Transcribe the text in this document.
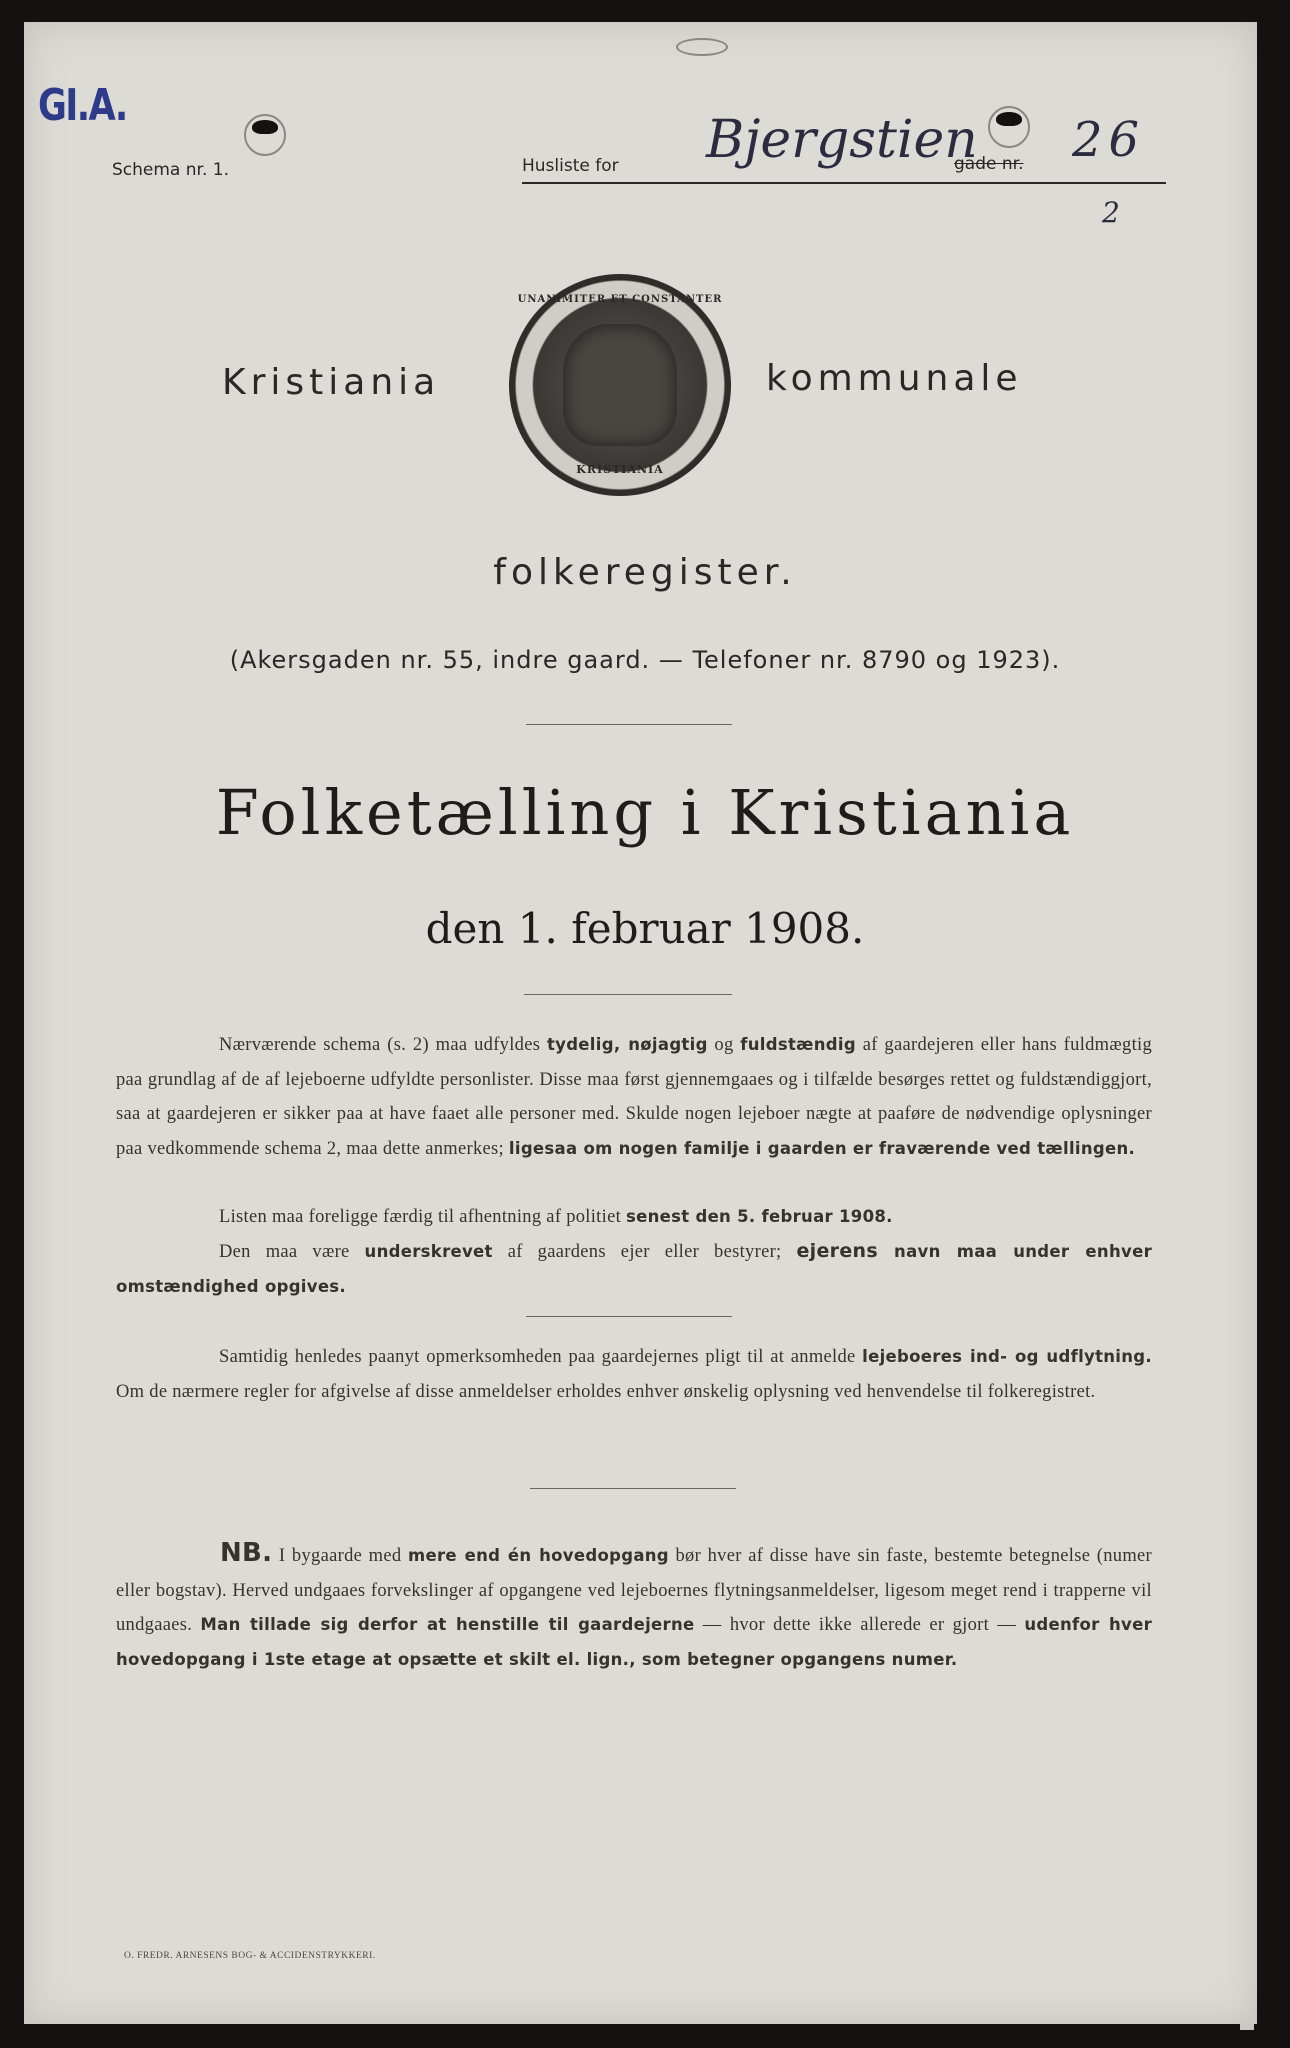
GI.A.
Schema nr. 1.	Husliste for Bjergstien
gade nr. 26
2
Kristiania
UNANIMITER ET CONSTANTER
KRISTIANIA
kommunale
folkeregister.
(Akersgaden nr. 55, indre gaard. — Telefoner nr. 8790 og 1923).
Folketælling i Kristiania
den 1. februar 1908.
Nærværende schema (s. 2) maa udfyldes tydelig, nøjagtig og fuldstændig af gaardejeren eller hans fuldmægtig paa grundlag af de af lejeboerne udfyldte personlister. Disse maa først gjennemgaaes og i tilfælde besørges rettet og fuldstændiggjort, saa at gaardejeren er sikker paa at have faaet alle personer med. Skulde nogen lejeboer nægte at paaføre de nødvendige oplysninger paa vedkommende schema 2, maa dette anmerkes; ligesaa om nogen familje i gaarden er fraværende ved tællingen.
Listen maa foreligge færdig til afhentning af politiet senest den 5. februar 1908.
Den maa være underskrevet af gaardens ejer eller bestyrer; ejerens navn maa under enhver omstændighed opgives.
Samtidig henledes paanyt opmerksomheden paa gaardejernes pligt til at anmelde lejeboeres ind- og udflytning. Om de nærmere regler for afgivelse af disse anmeldelser erholdes enhver ønskelig oplysning ved henvendelse til folkeregistret.
NB. I bygaarde med mere end én hovedopgang bør hver af disse have sin faste, bestemte betegnelse (numer eller bogstav). Herved undgaaes forvekslinger af opgangene ved lejeboernes flytningsanmeldelser, ligesom meget rend i trapperne vil undgaaes. Man tillade sig derfor at henstille til gaardejerne — hvor dette ikke allerede er gjort — udenfor hver hovedopgang i 1ste etage at opsætte et skilt el. lign., som betegner opgangens numer.

O. FREDR. ARNESENS BOG- & ACCIDENSTRYKKERI.
